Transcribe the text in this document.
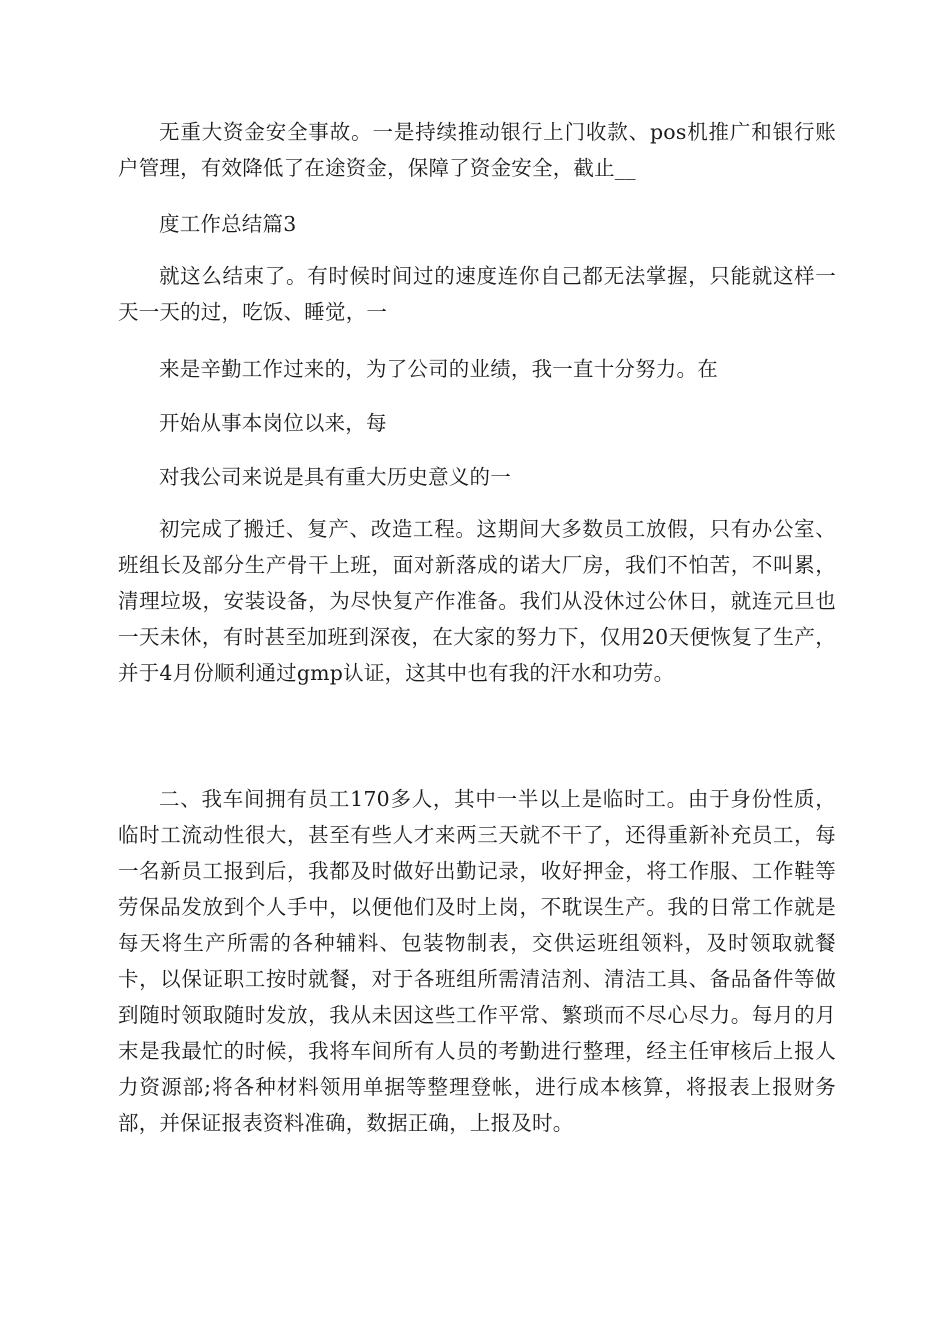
无重大资金安全事故。一是持续推动银行上门收款、pos机推广和银行账户管理，有效降低了在途资金，保障了资金安全，截止__

度工作总结篇3

就这么结束了。有时候时间过的速度连你自己都无法掌握，只能就这样一天一天的过，吃饭、睡觉，一

来是辛勤工作过来的，为了公司的业绩，我一直十分努力。在

开始从事本岗位以来，每

对我公司来说是具有重大历史意义的一

初完成了搬迁、复产、改造工程。这期间大多数员工放假，只有办公室、班组长及部分生产骨干上班，面对新落成的诺大厂房，我们不怕苦，不叫累，清理垃圾，安装设备，为尽快复产作准备。我们从没休过公休日，就连元旦也一天未休，有时甚至加班到深夜，在大家的努力下，仅用20天便恢复了生产，并于4月份顺利通过gmp认证，这其中也有我的汗水和功劳。

二、我车间拥有员工170多人，其中一半以上是临时工。由于身份性质，临时工流动性很大，甚至有些人才来两三天就不干了，还得重新补充员工，每一名新员工报到后，我都及时做好出勤记录，收好押金，将工作服、工作鞋等劳保品发放到个人手中，以便他们及时上岗，不耽误生产。我的日常工作就是每天将生产所需的各种辅料、包装物制表，交供运班组领料，及时领取就餐卡，以保证职工按时就餐，对于各班组所需清洁剂、清洁工具、备品备件等做到随时领取随时发放，我从未因这些工作平常、繁琐而不尽心尽力。每月的月末是我最忙的时候，我将车间所有人员的考勤进行整理，经主任审核后上报人力资源部;将各种材料领用单据等整理登帐，进行成本核算，将报表上报财务部，并保证报表资料准确，数据正确，上报及时。
